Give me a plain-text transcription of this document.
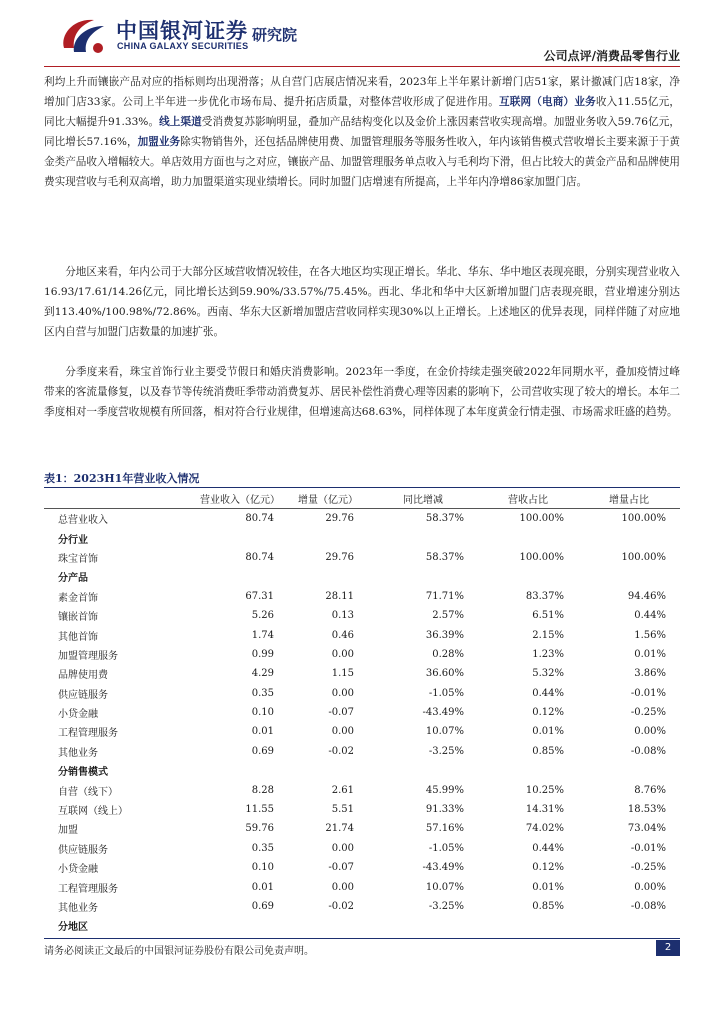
中国银河证券
CHINA GALAXY SECURITIES
研究院
公司点评/消费品零售行业

利均上升而镶嵌产品对应的指标则均出现滑落；从自营门店展店情况来看，2023年上半年累计新增门店51家，累计撤减门店18家，净增加门店33家。公司上半年进一步优化市场布局、提升拓店质量，对整体营收形成了促进作用。互联网（电商）业务收入11.55亿元，同比大幅提升91.33%。线上渠道受消费复苏影响明显，叠加产品结构变化以及金价上涨因素营收实现高增。加盟业务收入59.76亿元，同比增长57.16%，加盟业务除实物销售外，还包括品牌使用费、加盟管理服务等服务性收入，年内该销售模式营收增长主要来源于于黄金类产品收入增幅较大。单店效用方面也与之对应，镶嵌产品、加盟管理服务单点收入与毛利均下滑，但占比较大的黄金产品和品牌使用费实现营收与毛利双高增，助力加盟渠道实现业绩增长。同时加盟门店增速有所提高，上半年内净增86家加盟门店。

分地区来看，年内公司于大部分区域营收情况较佳，在各大地区均实现正增长。华北、华东、华中地区表现亮眼，分别实现营业收入16.93/17.61/14.26亿元，同比增长达到59.90%/33.57%/75.45%。西北、华北和华中大区新增加盟门店表现亮眼，营业增速分别达到113.40%/100.98%/72.86%。西南、华东大区新增加盟店营收同样实现30%以上正增长。上述地区的优异表现，同样伴随了对应地区内自营与加盟门店数量的加速扩张。

分季度来看，珠宝首饰行业主要受节假日和婚庆消费影响。2023年一季度，在金价持续走强突破2022年同期水平，叠加疫情过峰带来的客流量修复，以及春节等传统消费旺季带动消费复苏、居民补偿性消费心理等因素的影响下，公司营收实现了较大的增长。本年二季度相对一季度营收规模有所回落，相对符合行业规律，但增速高达68.63%，同样体现了本年度黄金行情走强、市场需求旺盛的趋势。

表1：2023H1年营业收入情况
	营业收入（亿元）	增量（亿元）	同比增减	营收占比	增量占比
总营业收入	80.74	29.76	58.37%	100.00%	100.00%
分行业					
珠宝首饰	80.74	29.76	58.37%	100.00%	100.00%
分产品					
素金首饰	67.31	28.11	71.71%	83.37%	94.46%
镶嵌首饰	5.26	0.13	2.57%	6.51%	0.44%
其他首饰	1.74	0.46	36.39%	2.15%	1.56%
加盟管理服务	0.99	0.00	0.28%	1.23%	0.01%
品牌使用费	4.29	1.15	36.60%	5.32%	3.86%
供应链服务	0.35	0.00	-1.05%	0.44%	-0.01%
小贷金融	0.10	-0.07	-43.49%	0.12%	-0.25%
工程管理服务	0.01	0.00	10.07%	0.01%	0.00%
其他业务	0.69	-0.02	-3.25%	0.85%	-0.08%
分销售模式					
自营（线下）	8.28	2.61	45.99%	10.25%	8.76%
互联网（线上）	11.55	5.51	91.33%	14.31%	18.53%
加盟	59.76	21.74	57.16%	74.02%	73.04%
供应链服务	0.35	0.00	-1.05%	0.44%	-0.01%
小贷金融	0.10	-0.07	-43.49%	0.12%	-0.25%
工程管理服务	0.01	0.00	10.07%	0.01%	0.00%
其他业务	0.69	-0.02	-3.25%	0.85%	-0.08%
分地区					
请务必阅读正文最后的中国银河证券股份有限公司免责声明。	2
